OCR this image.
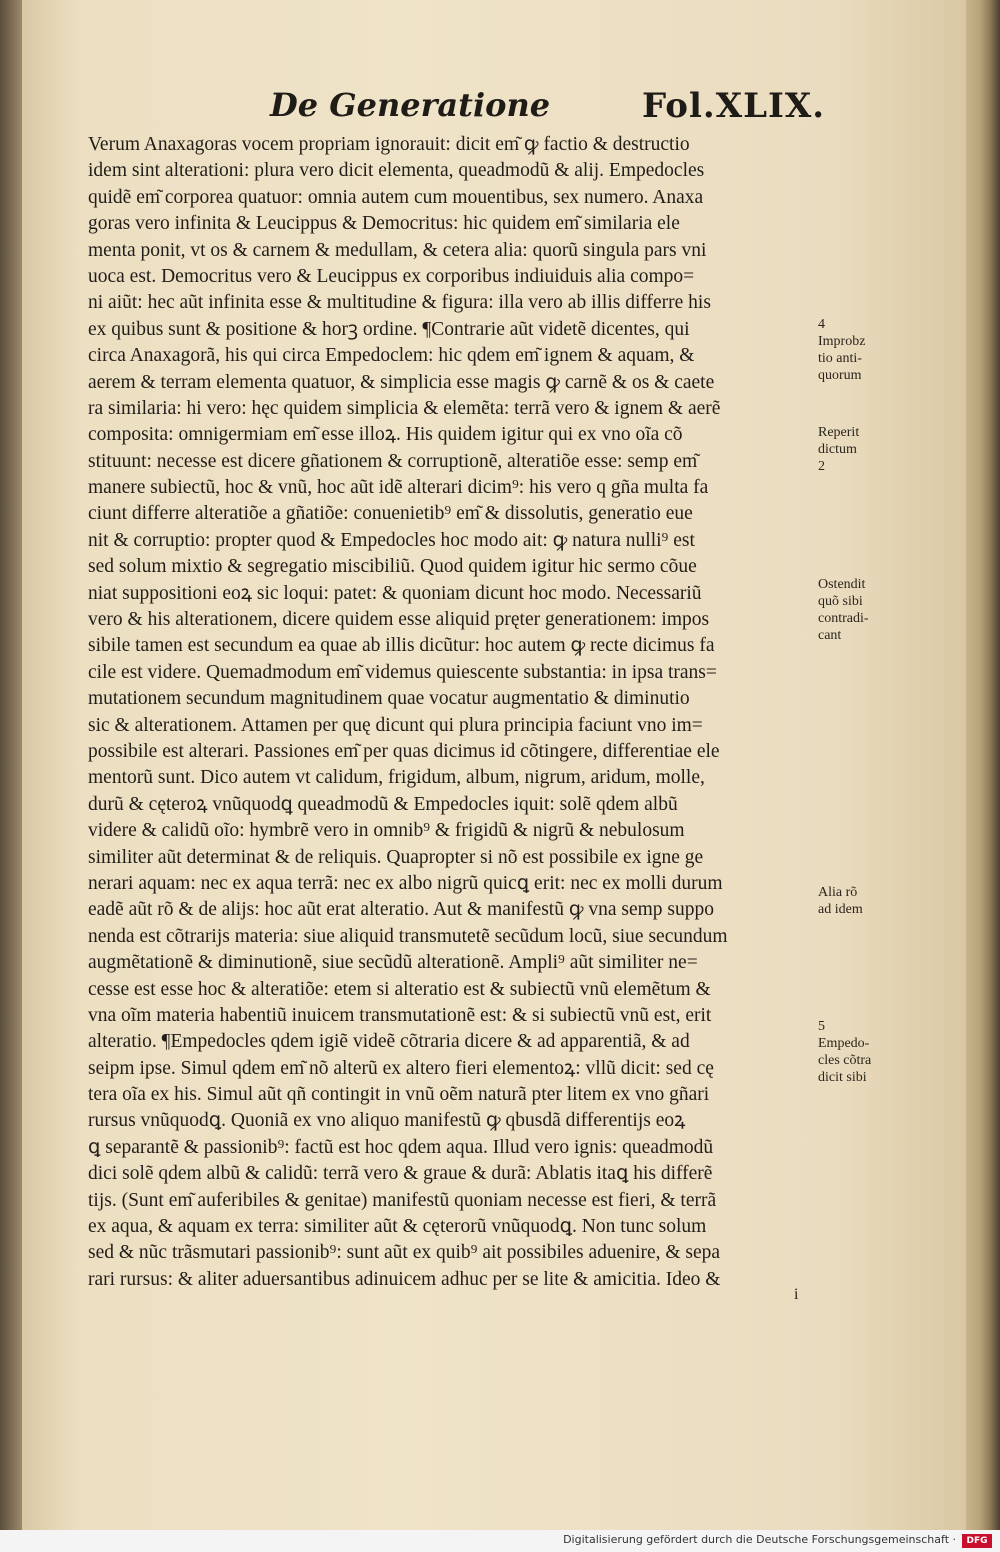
De Generatione	Fol.XLIX.
Verum Anaxagoras vocem propriam ignorauit: dicit em͂ ꝙ factio & destructio
idem sint alterationi: plura vero dicit elementa, queadmodũ & alij. Empedocles
quidẽ em͂ corporea quatuor: omnia autem cum mouentibus, sex numero. Anaxa
goras vero infinita & Leucippus & Democritus: hic quidem em͂ similaria ele
menta ponit, vt os & carnem & medullam, & cetera alia: quorũ singula pars vni
uoca est. Democritus vero & Leucippus ex corporibus indiuiduis alia compo=
ni aiũt: hec aũt infinita esse & multitudine & figura: illa vero ab illis differre his
ex quibus sunt & positione & horꝫ ordine. ¶Contrarie aũt videtẽ dicentes, qui
circa Anaxagorã, his qui circa Empedoclem: hic qdem em͂ ignem & aquam, &
aerem & terram elementa quatuor, & simplicia esse magis ꝙ carnẽ & os & caete
ra similaria: hi vero: hęc quidem simplicia & elemẽta: terrã vero & ignem & aerẽ
composita: omnigermiam em͂ esse illoꝝ. His quidem igitur qui ex vno oĩa cõ
stituunt: necesse est dicere gñationem & corruptionẽ, alteratiõe esse: semp em͂
manere subiectũ, hoc & vnũ, hoc aũt idẽ alterari dicim⁹: his vero q gña multa fa
ciunt differre alteratiõe a gñatiõe: conuenietib⁹ em͂ & dissolutis, generatio eue
nit & corruptio: propter quod & Empedocles hoc modo ait: ꝙ natura nulli⁹ est
sed solum mixtio & segregatio miscibiliũ. Quod quidem igitur hic sermo cõue
niat suppositioni eoꝝ sic loqui: patet: & quoniam dicunt hoc modo. Necessariũ
vero & his alterationem, dicere quidem esse aliquid pręter generationem: impos
sibile tamen est secundum ea quae ab illis dicũtur: hoc autem ꝙ recte dicimus fa
cile est videre. Quemadmodum em͂ videmus quiescente substantia: in ipsa trans=
mutationem secundum magnitudinem quae vocatur augmentatio & diminutio
sic & alterationem. Attamen per quę dicunt qui plura principia faciunt vno im=
possibile est alterari. Passiones em͂ per quas dicimus id cõtingere, differentiae ele
mentorũ sunt. Dico autem vt calidum, frigidum, album, nigrum, aridum, molle,
durũ & cęteroꝝ vnũquodꝗ queadmodũ & Empedocles iquit: solẽ qdem albũ
videre & calidũ oĩo: hymbrẽ vero in omnib⁹ & frigidũ & nigrũ & nebulosum
similiter aũt determinat & de reliquis. Quapropter si nõ est possibile ex igne ge
nerari aquam: nec ex aqua terrã: nec ex albo nigrũ quicꝗ erit: nec ex molli durum
eadẽ aũt rõ & de alijs: hoc aũt erat alteratio. Aut & manifestũ ꝙ vna semp suppo
nenda est cõtrarijs materia: siue aliquid transmutetẽ secũdum locũ, siue secundum
augmẽtationẽ & diminutionẽ, siue secũdũ alterationẽ. Ampli⁹ aũt similiter ne=
cesse est esse hoc & alteratiõe: etem si alteratio est & subiectũ vnũ elemẽtum &
vna oĩm materia habentiũ inuicem transmutationẽ est: & si subiectũ vnũ est, erit
alteratio. ¶Empedocles qdem igiẽ videẽ cõtraria dicere & ad apparentiã, & ad
seipm ipse. Simul qdem em͂ nõ alterũ ex altero fieri elementoꝝ: vllũ dicit: sed cę
tera oĩa ex his. Simul aũt qñ contingit in vnũ oẽm naturã pter litem ex vno gñari
rursus vnũquodꝗ. Quoniã ex vno aliquo manifestũ ꝙ qbusdã differentijs eoꝝ
ꝗ separantẽ & passionib⁹: factũ est hoc qdem aqua. Illud vero ignis: queadmodũ
dici solẽ qdem albũ & calidũ: terrã vero & graue & durã: Ablatis itaꝗ his differẽ
tijs. (Sunt em͂ auferibiles & genitae) manifestũ quoniam necesse est fieri, & terrã
ex aqua, & aquam ex terra: similiter aũt & cęterorũ vnũquodꝗ. Non tunc solum
sed & nũc trãsmutari passionib⁹: sunt aũt ex quib⁹ ait possibiles aduenire, & sepa
rari rursus: & aliter aduersantibus adinuicem adhuc per se lite & amicitia. Ideo &
4
Improbz
tio anti-
quorum
Reperit
dictum
2
Ostendit
quõ sibi
contradi-
cant
Alia rõ
ad idem
5
Empedo-
cles cõtra
dicit sibi
i
Digitalisierung gefördert durch die Deutsche Forschungsgemeinschaft ·	DFG
